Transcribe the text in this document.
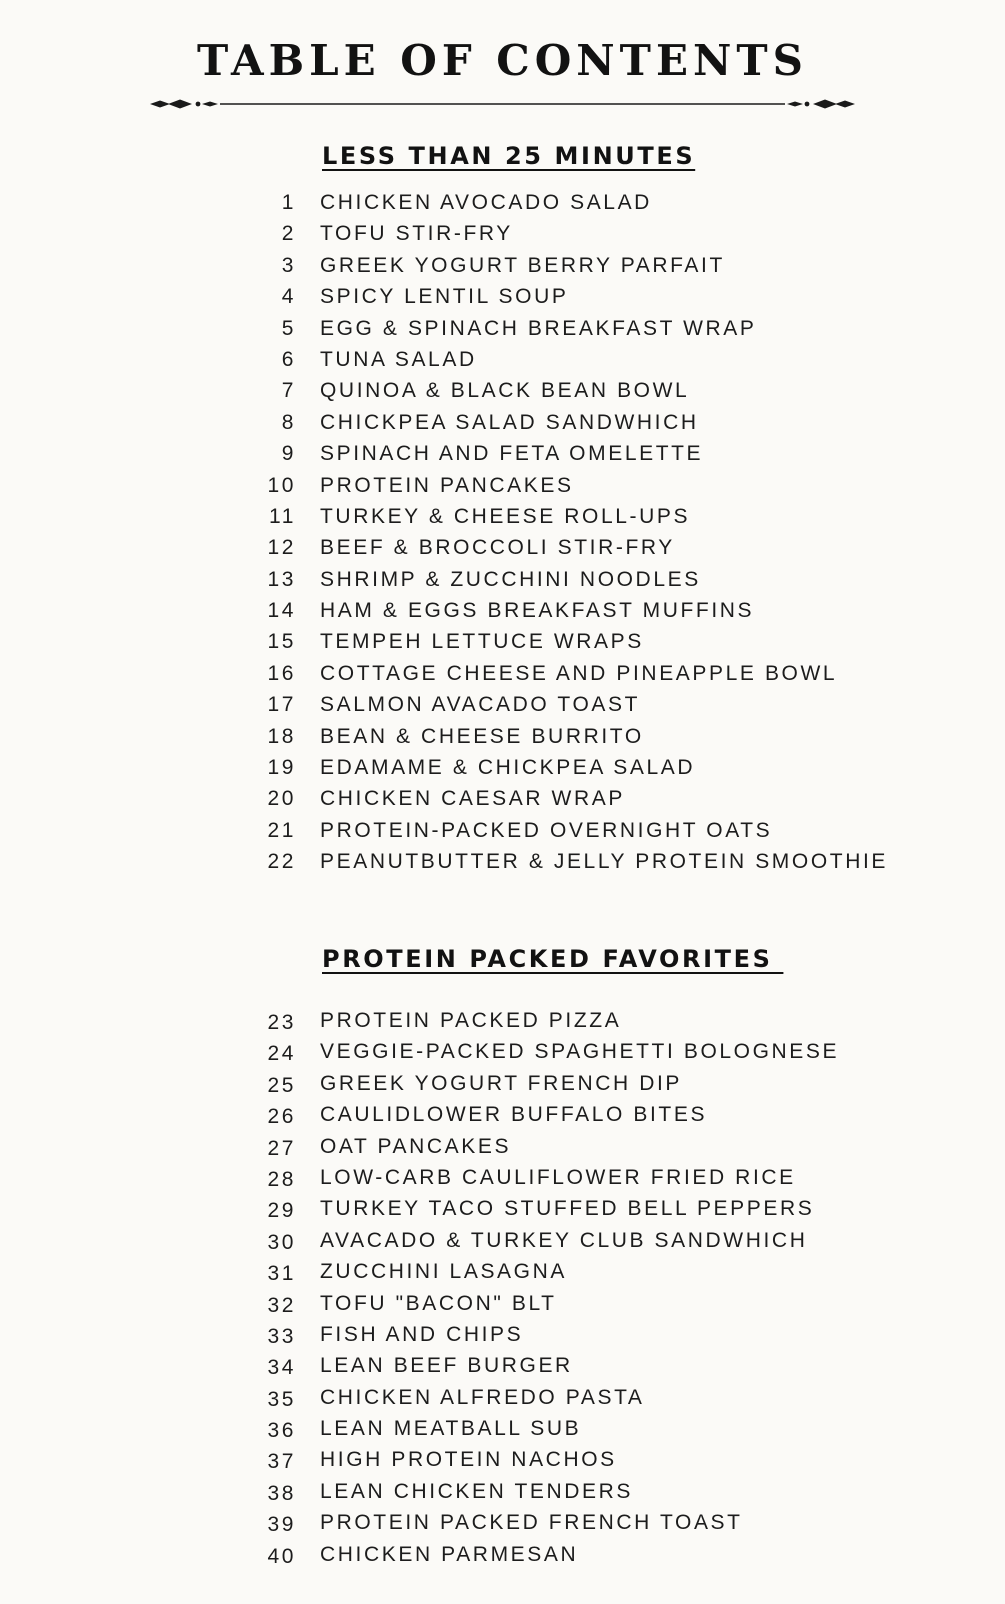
TABLE OF CONTENTS
LESS THAN 25 MINUTES
1 CHICKEN AVOCADO SALAD
2 TOFU STIR-FRY
3 GREEK YOGURT BERRY PARFAIT
4 SPICY LENTIL SOUP
5 EGG & SPINACH BREAKFAST WRAP
6 TUNA SALAD
7 QUINOA & BLACK BEAN BOWL
8 CHICKPEA SALAD SANDWHICH
9 SPINACH AND FETA OMELETTE
10 PROTEIN PANCAKES
11 TURKEY & CHEESE ROLL-UPS
12 BEEF & BROCCOLI STIR-FRY
13 SHRIMP & ZUCCHINI NOODLES
14 HAM & EGGS BREAKFAST MUFFINS
15 TEMPEH LETTUCE WRAPS
16 COTTAGE CHEESE AND PINEAPPLE BOWL
17 SALMON AVACADO TOAST
18 BEAN & CHEESE BURRITO
19 EDAMAME & CHICKPEA SALAD
20 CHICKEN CAESAR WRAP
21 PROTEIN-PACKED OVERNIGHT OATS
22 PEANUTBUTTER & JELLY PROTEIN SMOOTHIE
PROTEIN PACKED FAVORITES
23 PROTEIN PACKED PIZZA
24 VEGGIE-PACKED SPAGHETTI BOLOGNESE
25 GREEK YOGURT FRENCH DIP
26 CAULIDLOWER BUFFALO BITES
27 OAT PANCAKES
28 LOW-CARB CAULIFLOWER FRIED RICE
29 TURKEY TACO STUFFED BELL PEPPERS
30 AVACADO & TURKEY CLUB SANDWHICH
31 ZUCCHINI LASAGNA
32 TOFU "BACON" BLT
33 FISH AND CHIPS
34 LEAN BEEF BURGER
35 CHICKEN ALFREDO PASTA
36 LEAN MEATBALL SUB
37 HIGH PROTEIN NACHOS
38 LEAN CHICKEN TENDERS
39 PROTEIN PACKED FRENCH TOAST
40 CHICKEN PARMESAN
